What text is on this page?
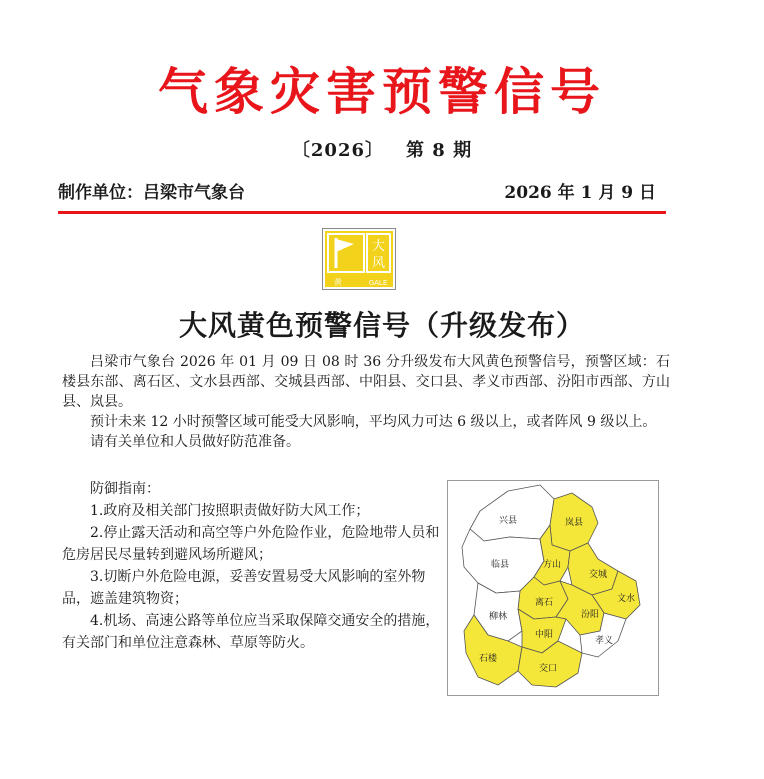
气象灾害预警信号
〔2026〕 第 8 期
制作单位：吕梁市气象台	2026 年 1 月 9 日
大
风
黄	GALE
大风黄色预警信号（升级发布）

吕梁市气象台 2026 年 01 月 09 日 08 时 36 分升级发布大风黄色预警信号，预警区域：石楼县东部、离石区、文水县西部、交城县西部、中阳县、交口县、孝义市西部、汾阳市西部、方山县、岚县。

预计未来 12 小时预警区域可能受大风影响，平均风力可达 6 级以上，或者阵风 9 级以上。

请有关单位和人员做好防范准备。

防御指南：

1.政府及相关部门按照职责做好防大风工作；

2.停止露天活动和高空等户外危险作业，危险地带人员和危房居民尽量转到避风场所避风；

3.切断户外危险电源，妥善安置易受大风影响的室外物品，遮盖建筑物资；

4.机场、高速公路等单位应当采取保障交通安全的措施，有关部门和单位注意森林、草原等防火。

兴县	岚县
临县	方山
交城
离石	文水
柳林	汾阳
中阳
孝义
石楼
交口
